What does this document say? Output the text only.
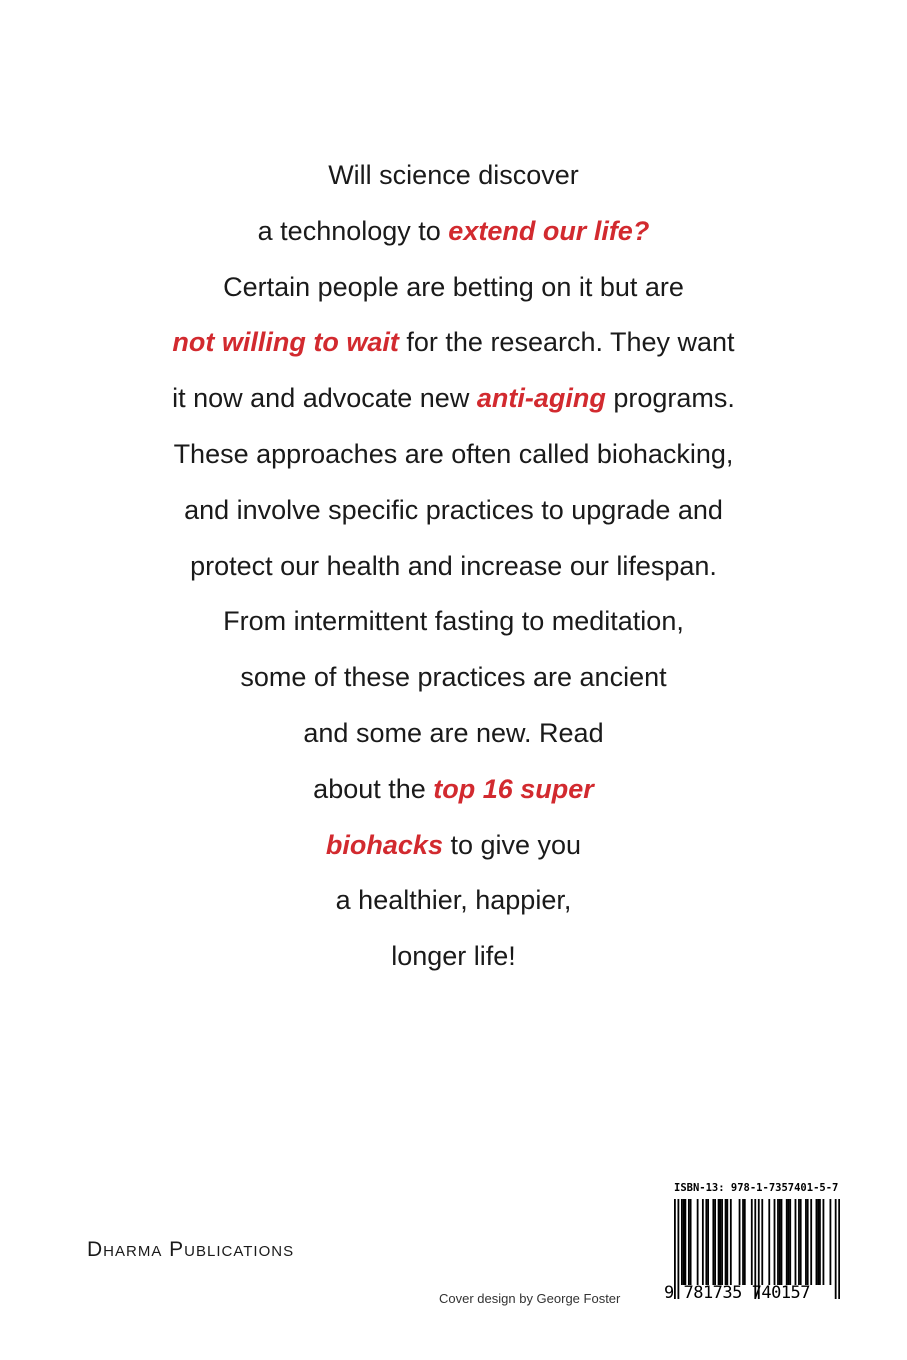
Will science discover
a technology to extend our life?
Certain people are betting on it but are
not willing to wait for the research. They want
it now and advocate new anti-aging programs.
These approaches are often called biohacking,
and involve specific practices to upgrade and
protect our health and increase our lifespan.
From intermittent fasting to meditation,
some of these practices are ancient
and some are new. Read
about the top 16 super
biohacks to give you
a healthier, happier,
longer life!
Dharma Publications
Cover design by George Foster
ISBN-13: 978-1-7357401-5-7
9 781735 740157
